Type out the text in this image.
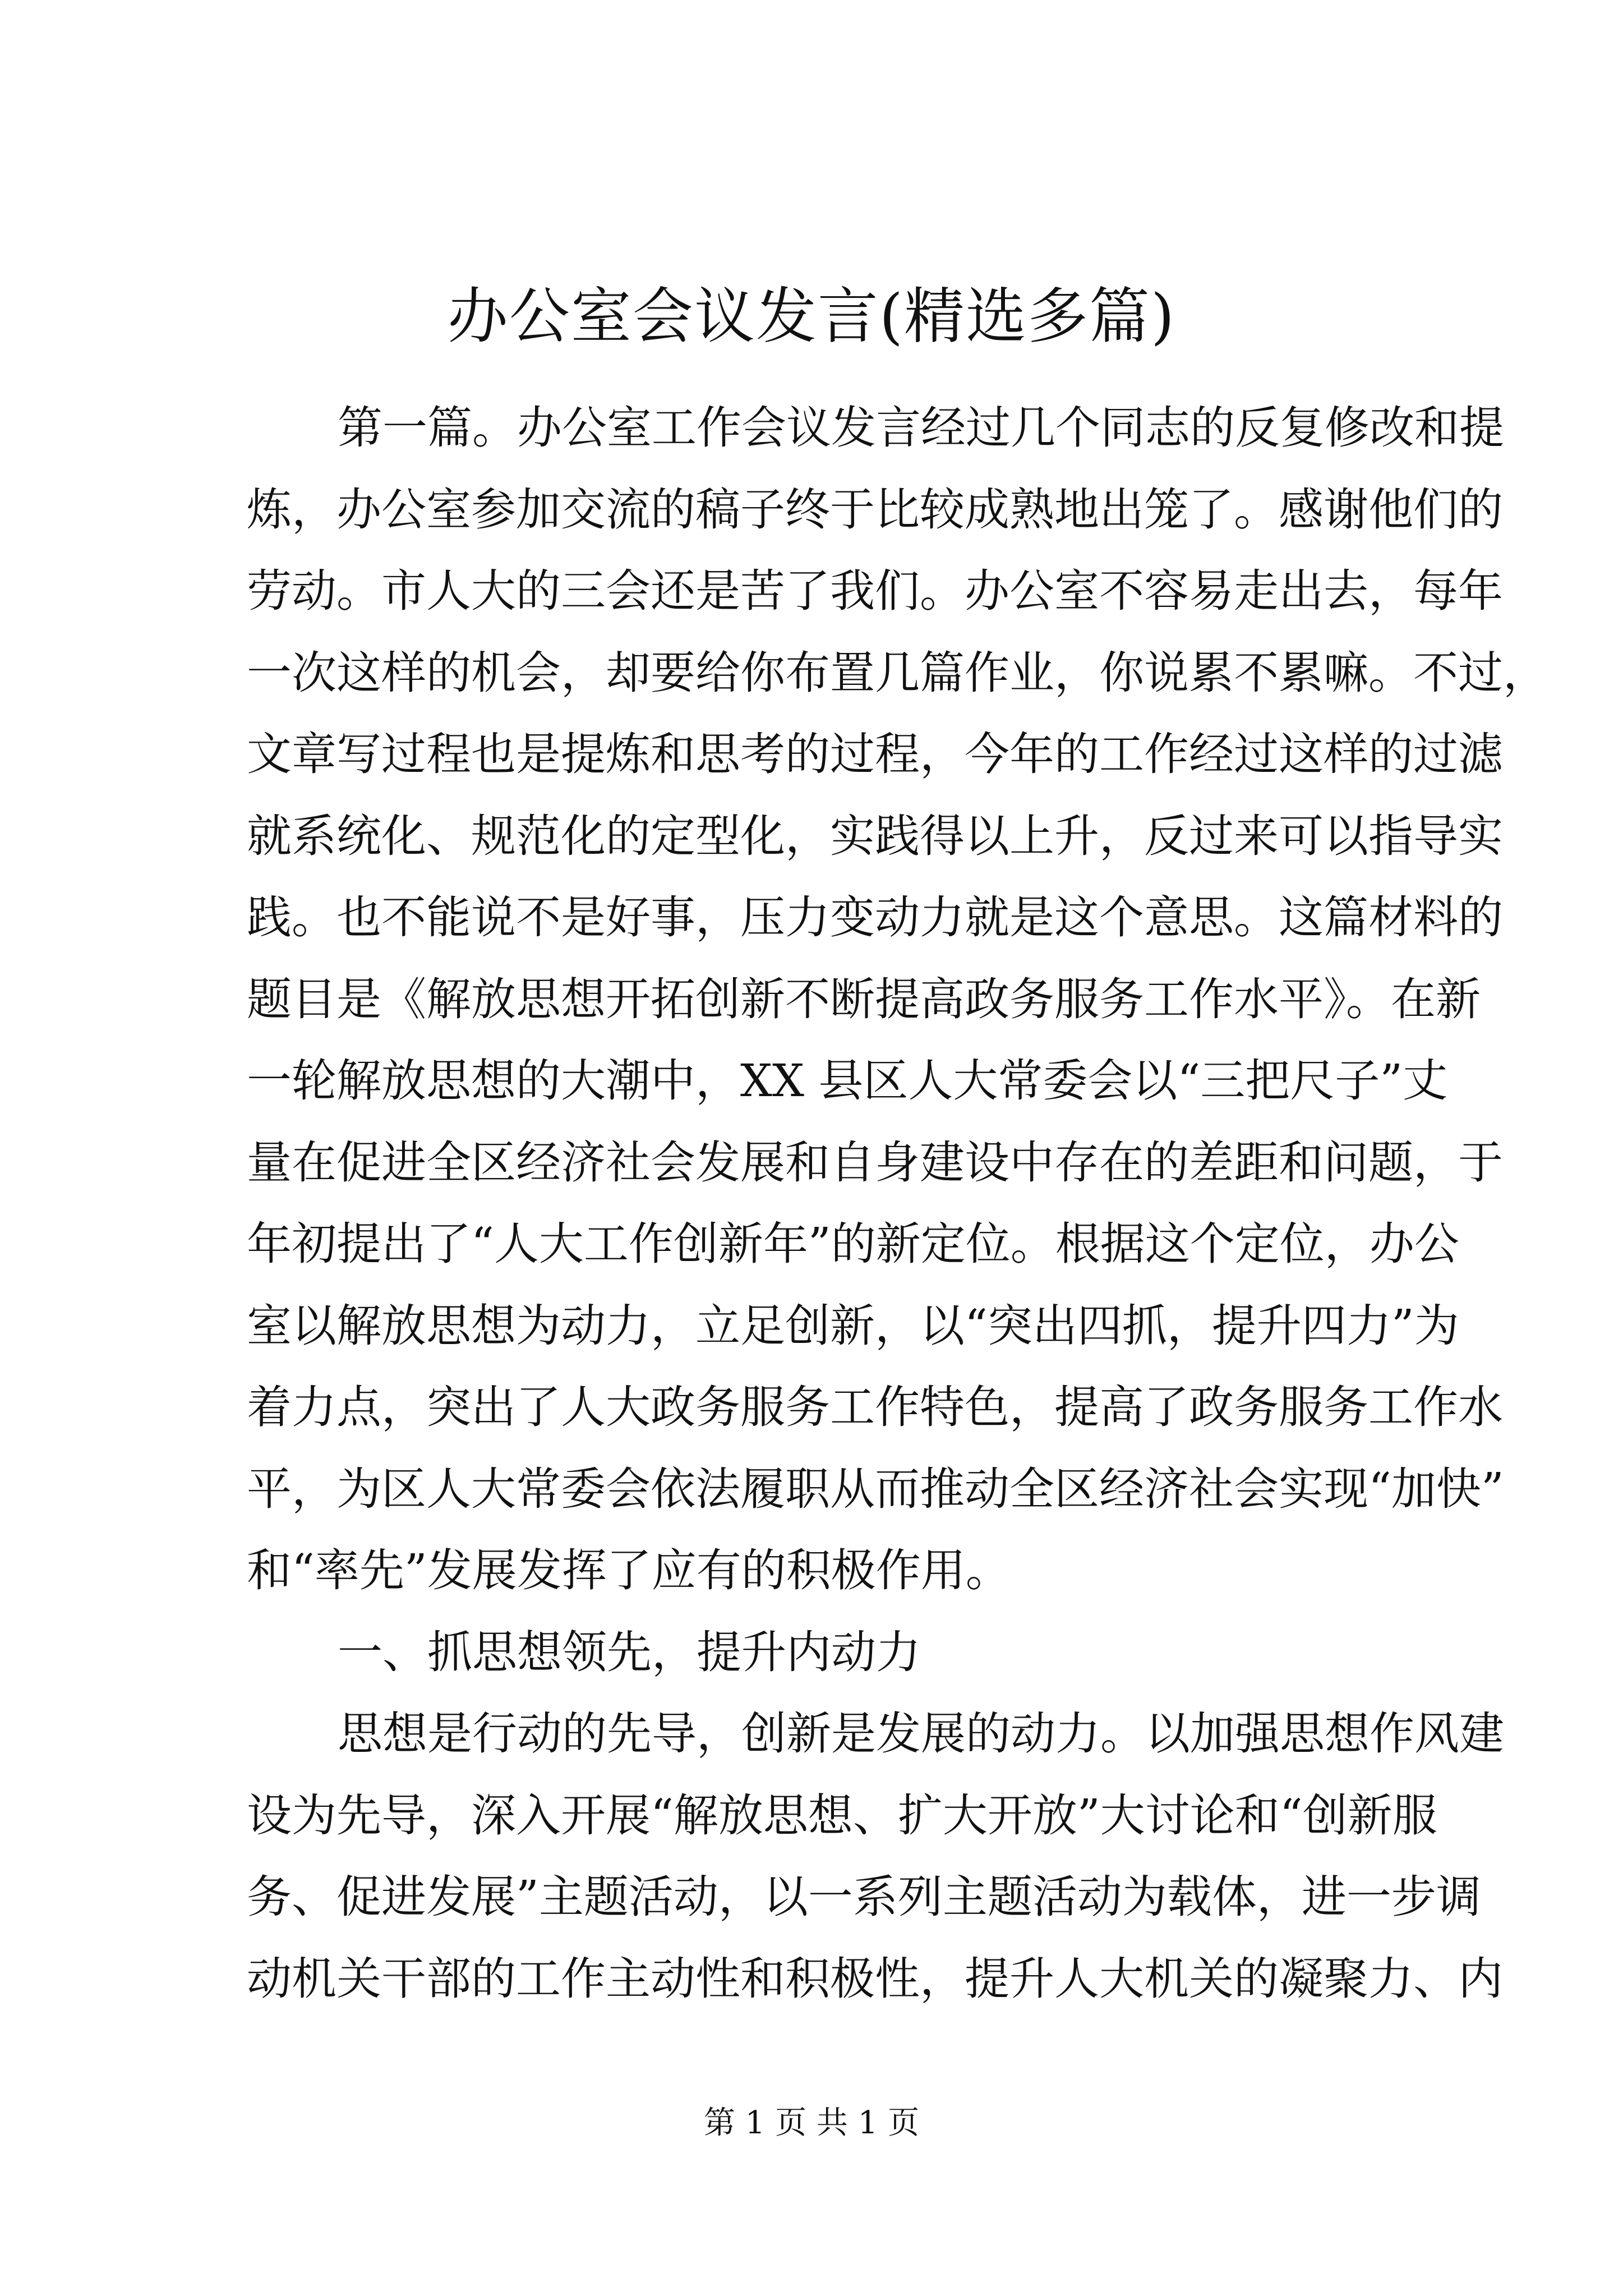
办公室会议发言(精选多篇)
第一篇。办公室工作会议发言经过几个同志的反复修改和提
炼，办公室参加交流的稿子终于比较成熟地出笼了。感谢他们的
劳动。市人大的三会还是苦了我们。办公室不容易走出去，每年
一次这样的机会，却要给你布置几篇作业，你说累不累嘛。不过，
文章写过程也是提炼和思考的过程，今年的工作经过这样的过滤
就系统化、规范化的定型化，实践得以上升，反过来可以指导实
践。也不能说不是好事，压力变动力就是这个意思。这篇材料的
题目是《解放思想开拓创新不断提高政务服务工作水平》。在新
一轮解放思想的大潮中，XX 县区人大常委会以“三把尺子”丈
量在促进全区经济社会发展和自身建设中存在的差距和问题，于
年初提出了“人大工作创新年”的新定位。根据这个定位，办公
室以解放思想为动力，立足创新，以“突出四抓，提升四力”为
着力点，突出了人大政务服务工作特色，提高了政务服务工作水
平，为区人大常委会依法履职从而推动全区经济社会实现“加快”
和“率先”发展发挥了应有的积极作用。
一、抓思想领先，提升内动力
思想是行动的先导，创新是发展的动力。以加强思想作风建
设为先导，深入开展“解放思想、扩大开放”大讨论和“创新服
务、促进发展”主题活动，以一系列主题活动为载体，进一步调
动机关干部的工作主动性和积极性，提升人大机关的凝聚力、内
第 1 页 共 1 页
